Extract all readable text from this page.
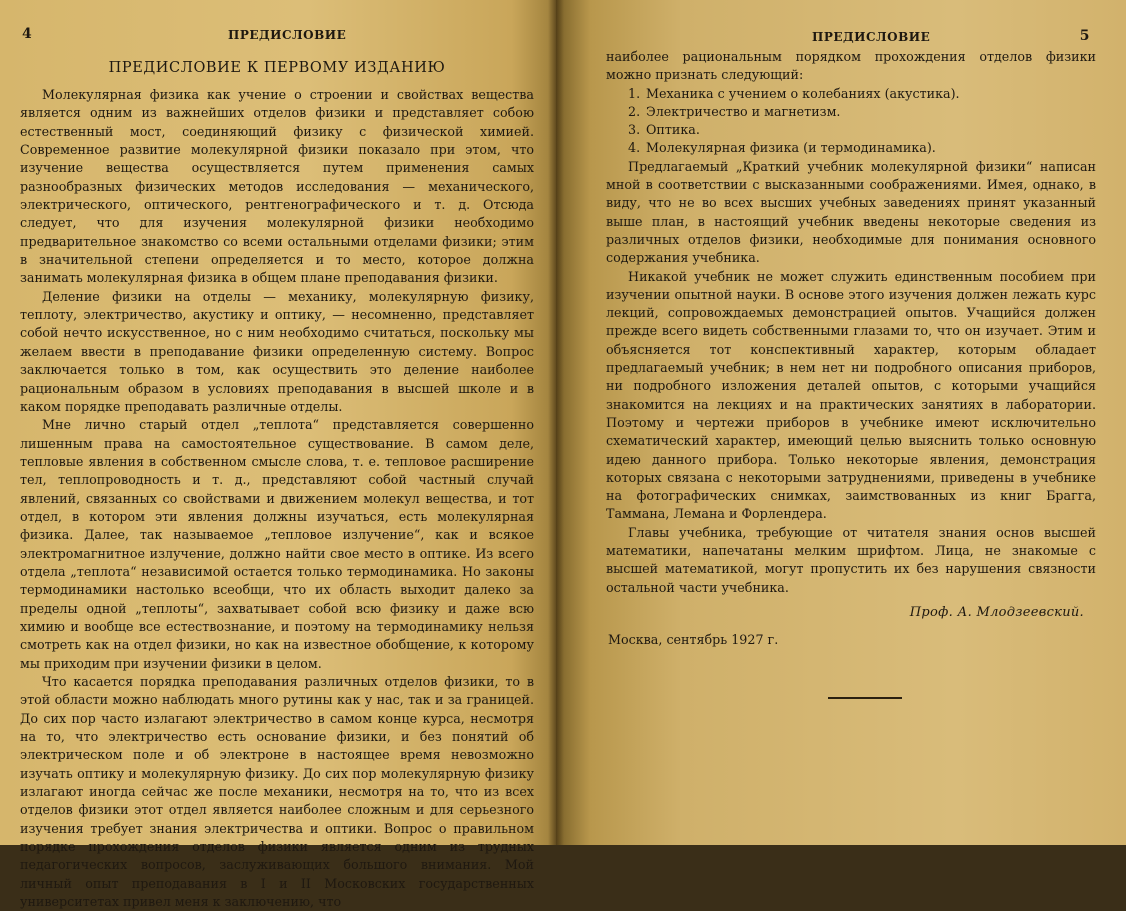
4	ПРЕДИСЛОВИЕ
ПРЕДИСЛОВИЕ К ПЕРВОМУ ИЗДАНИЮ

Молекулярная физика как учение о строении и свойствах вещества является одним из важнейших отделов физики и представляет собою естественный мост, соединяющий физику с физической химией. Современное развитие молекулярной физики показало при этом, что изучение вещества осуществляется путем применения самых разнообразных физических методов исследования — механического, электрического, оптического, рентгенографического и т. д. Отсюда следует, что для изучения молекулярной физики необходимо предварительное знакомство со всеми остальными отделами физики; этим в значительной степени определяется и то место, которое должна занимать молекулярная физика в общем плане преподавания физики.

Деление физики на отделы — механику, молекулярную физику, теплоту, электричество, акустику и оптику, — несомненно, представляет собой нечто искусственное, но с ним необходимо считаться, поскольку мы желаем ввести в преподавание физики определенную систему. Вопрос заключается только в том, как осуществить это деление наиболее рациональным образом в условиях преподавания в высшей школе и в каком порядке преподавать различные отделы.

Мне лично старый отдел „теплота“ представляется совершенно лишенным права на самостоятельное существование. В самом деле, тепловые явления в собственном смысле слова, т. е. тепловое расширение тел, теплопроводность и т. д., представляют собой частный случай явлений, связанных со свойствами и движением молекул вещества, и тот отдел, в котором эти явления должны изучаться, есть молекулярная физика. Далее, так называемое „тепловое излучение“, как и всякое электромагнитное излучение, должно найти свое место в оптике. Из всего отдела „теплота“ независимой остается только термодинамика. Но законы термодинамики настолько всеобщи, что их область выходит далеко за пределы одной „теплоты“, захватывает собой всю физику и даже всю химию и вообще все естествознание, и поэтому на термодинамику нельзя смотреть как на отдел физики, но как на известное обобщение, к которому мы приходим при изучении физики в целом.

Что касается порядка преподавания различных отделов физики, то в этой области можно наблюдать много рутины как у нас, так и за границей. До сих пор часто излагают электричество в самом конце курса, несмотря на то, что электричество есть основание физики, и без понятий об электрическом поле и об электроне в настоящее время невозможно изучать оптику и молекулярную физику. До сих пор молекулярную физику излагают иногда сейчас же после механики, несмотря на то, что из всех отделов физики этот отдел является наиболее сложным и для серьезного изучения требует знания электричества и оптики. Вопрос о правильном порядке прохождения отделов физики является одним из трудных педагогических вопросов, заслуживающих большого внимания. Мой личный опыт преподавания в I и II Московских государственных университетах привел меня к заключению, что

ПРЕДИСЛОВИЕ	5

наиболее рациональным порядком прохождения отделов физики можно признать следующий:

1. Механика с учением о колебаниях (акустика).
2. Электричество и магнетизм.
3. Оптика.
4. Молекулярная физика (и термодинамика).

Предлагаемый „Краткий учебник молекулярной физики“ написан мной в соответствии с высказанными соображениями. Имея, однако, в виду, что не во всех высших учебных заведениях принят указанный выше план, в настоящий учебник введены некоторые сведения из различных отделов физики, необходимые для понимания основного содержания учебника.

Никакой учебник не может служить единственным пособием при изучении опытной науки. В основе этого изучения должен лежать курс лекций, сопровождаемых демонстрацией опытов. Учащийся должен прежде всего видеть собственными глазами то, что он изучает. Этим и объясняется тот конспективный характер, которым обладает предлагаемый учебник; в нем нет ни подробного описания приборов, ни подробного изложения деталей опытов, с которыми учащийся знакомится на лекциях и на практических занятиях в лаборатории. Поэтому и чертежи приборов в учебнике имеют исключительно схематический характер, имеющий целью выяснить только основную идею данного прибора. Только некоторые явления, демонстрация которых связана с некоторыми затруднениями, приведены в учебнике на фотографических снимках, заимствованных из книг Брагга, Таммана, Лемана и Форлендера.

Главы учебника, требующие от читателя знания основ высшей математики, напечатаны мелким шрифтом. Лица, не знакомые с высшей математикой, могут пропустить их без нарушения связности остальной части учебника.

Проф. А. Млодзеевский.
Москва, сентябрь 1927 г.
